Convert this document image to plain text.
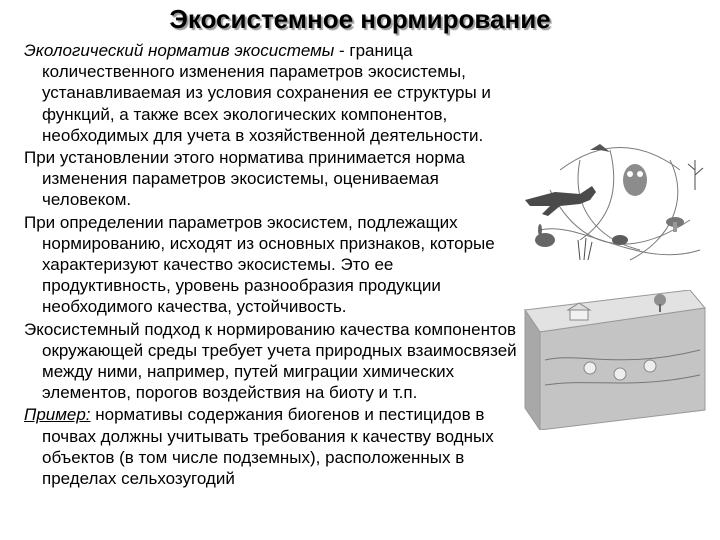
Экосистемное нормирование

Экологический норматив экосистемы - граница количественного изменения параметров экосистемы, устанавливаемая из условия сохранения ее структуры и функций, а также всех экологических компонентов, необходимых для учета в хозяйственной деятельности.

При установлении этого норматива принимается норма изменения параметров экосистемы, оцениваемая человеком.

При определении параметров экосистем, подлежащих нормированию, исходят из основных признаков, которые характеризуют качество экосистемы. Это ее продуктивность, уровень разнообразия продукции необходимого качества, устойчивость.

Экосистемный подход к нормированию качества компонентов окружающей среды требует учета природных взаимосвязей между ними, например, путей миграции химических элементов, порогов воздействия на биоту и т.п.

Пример: нормативы содержания биогенов и пестицидов в почвах должны учитывать требования к качеству водных объектов (в том числе подземных), расположенных в пределах сельхозугодий
